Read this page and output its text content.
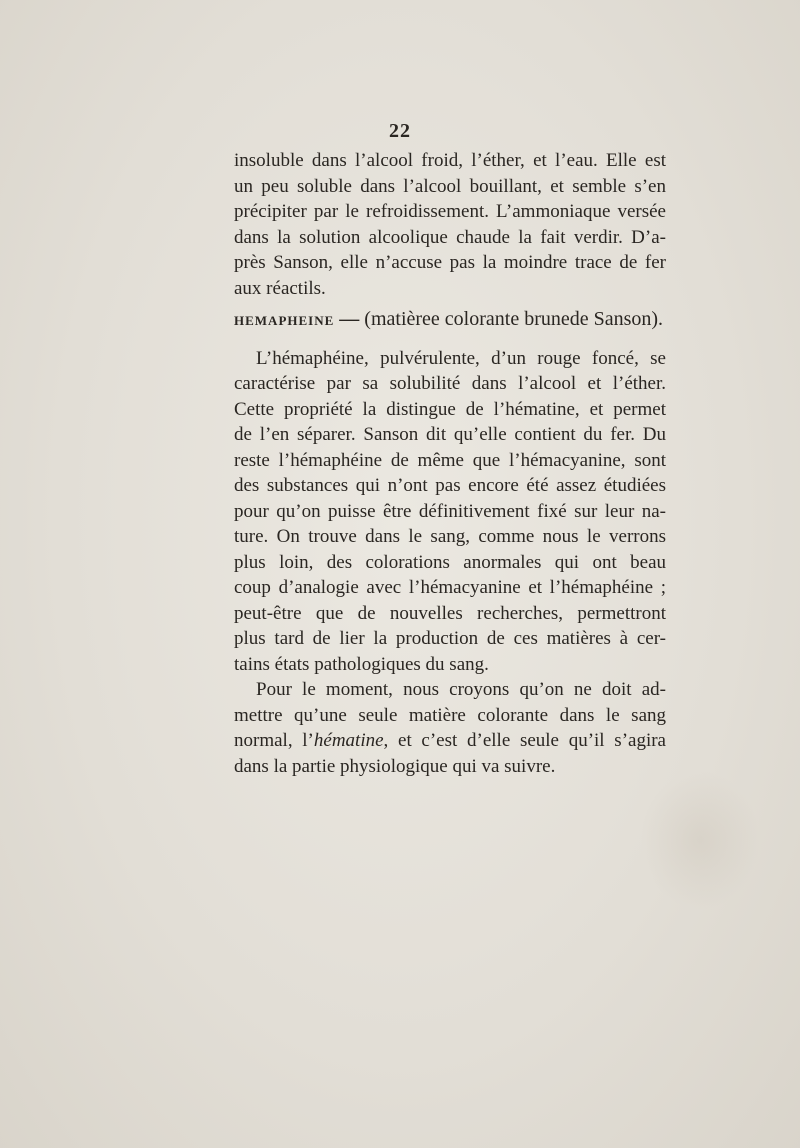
22
insoluble dans l’alcool froid, l’éther, et l’eau. Elle est
un peu soluble dans l’alcool bouillant, et semble s’en
précipiter par le refroidissement. L’ammoniaque versée
dans la solution alcoolique chaude la fait verdir. D’a-
près Sanson, elle n’accuse pas la moindre trace de fer
aux réactils.
HEMAPHEINE — (matièree colorante brunede Sanson).
L’hémaphéine, pulvérulente, d’un rouge foncé, se
caractérise par sa solubilité dans l’alcool et l’éther.
Cette propriété la distingue de l’hématine, et permet
de l’en séparer. Sanson dit qu’elle contient du fer. Du
reste l’hémaphéine de même que l’hémacyanine, sont
des substances qui n’ont pas encore été assez étudiées
pour qu’on puisse être définitivement fixé sur leur na-
ture. On trouve dans le sang, comme nous le verrons
plus loin, des colorations anormales qui ont beau
coup d’analogie avec l’hémacyanine et l’hémaphéine ;
peut-être que de nouvelles recherches, permettront
plus tard de lier la production de ces matières à cer-
tains états pathologiques du sang.
Pour le moment, nous croyons qu’on ne doit ad-
mettre qu’une seule matière colorante dans le sang
normal, l’hématine, et c’est d’elle seule qu’il s’agira
dans la partie physiologique qui va suivre.
